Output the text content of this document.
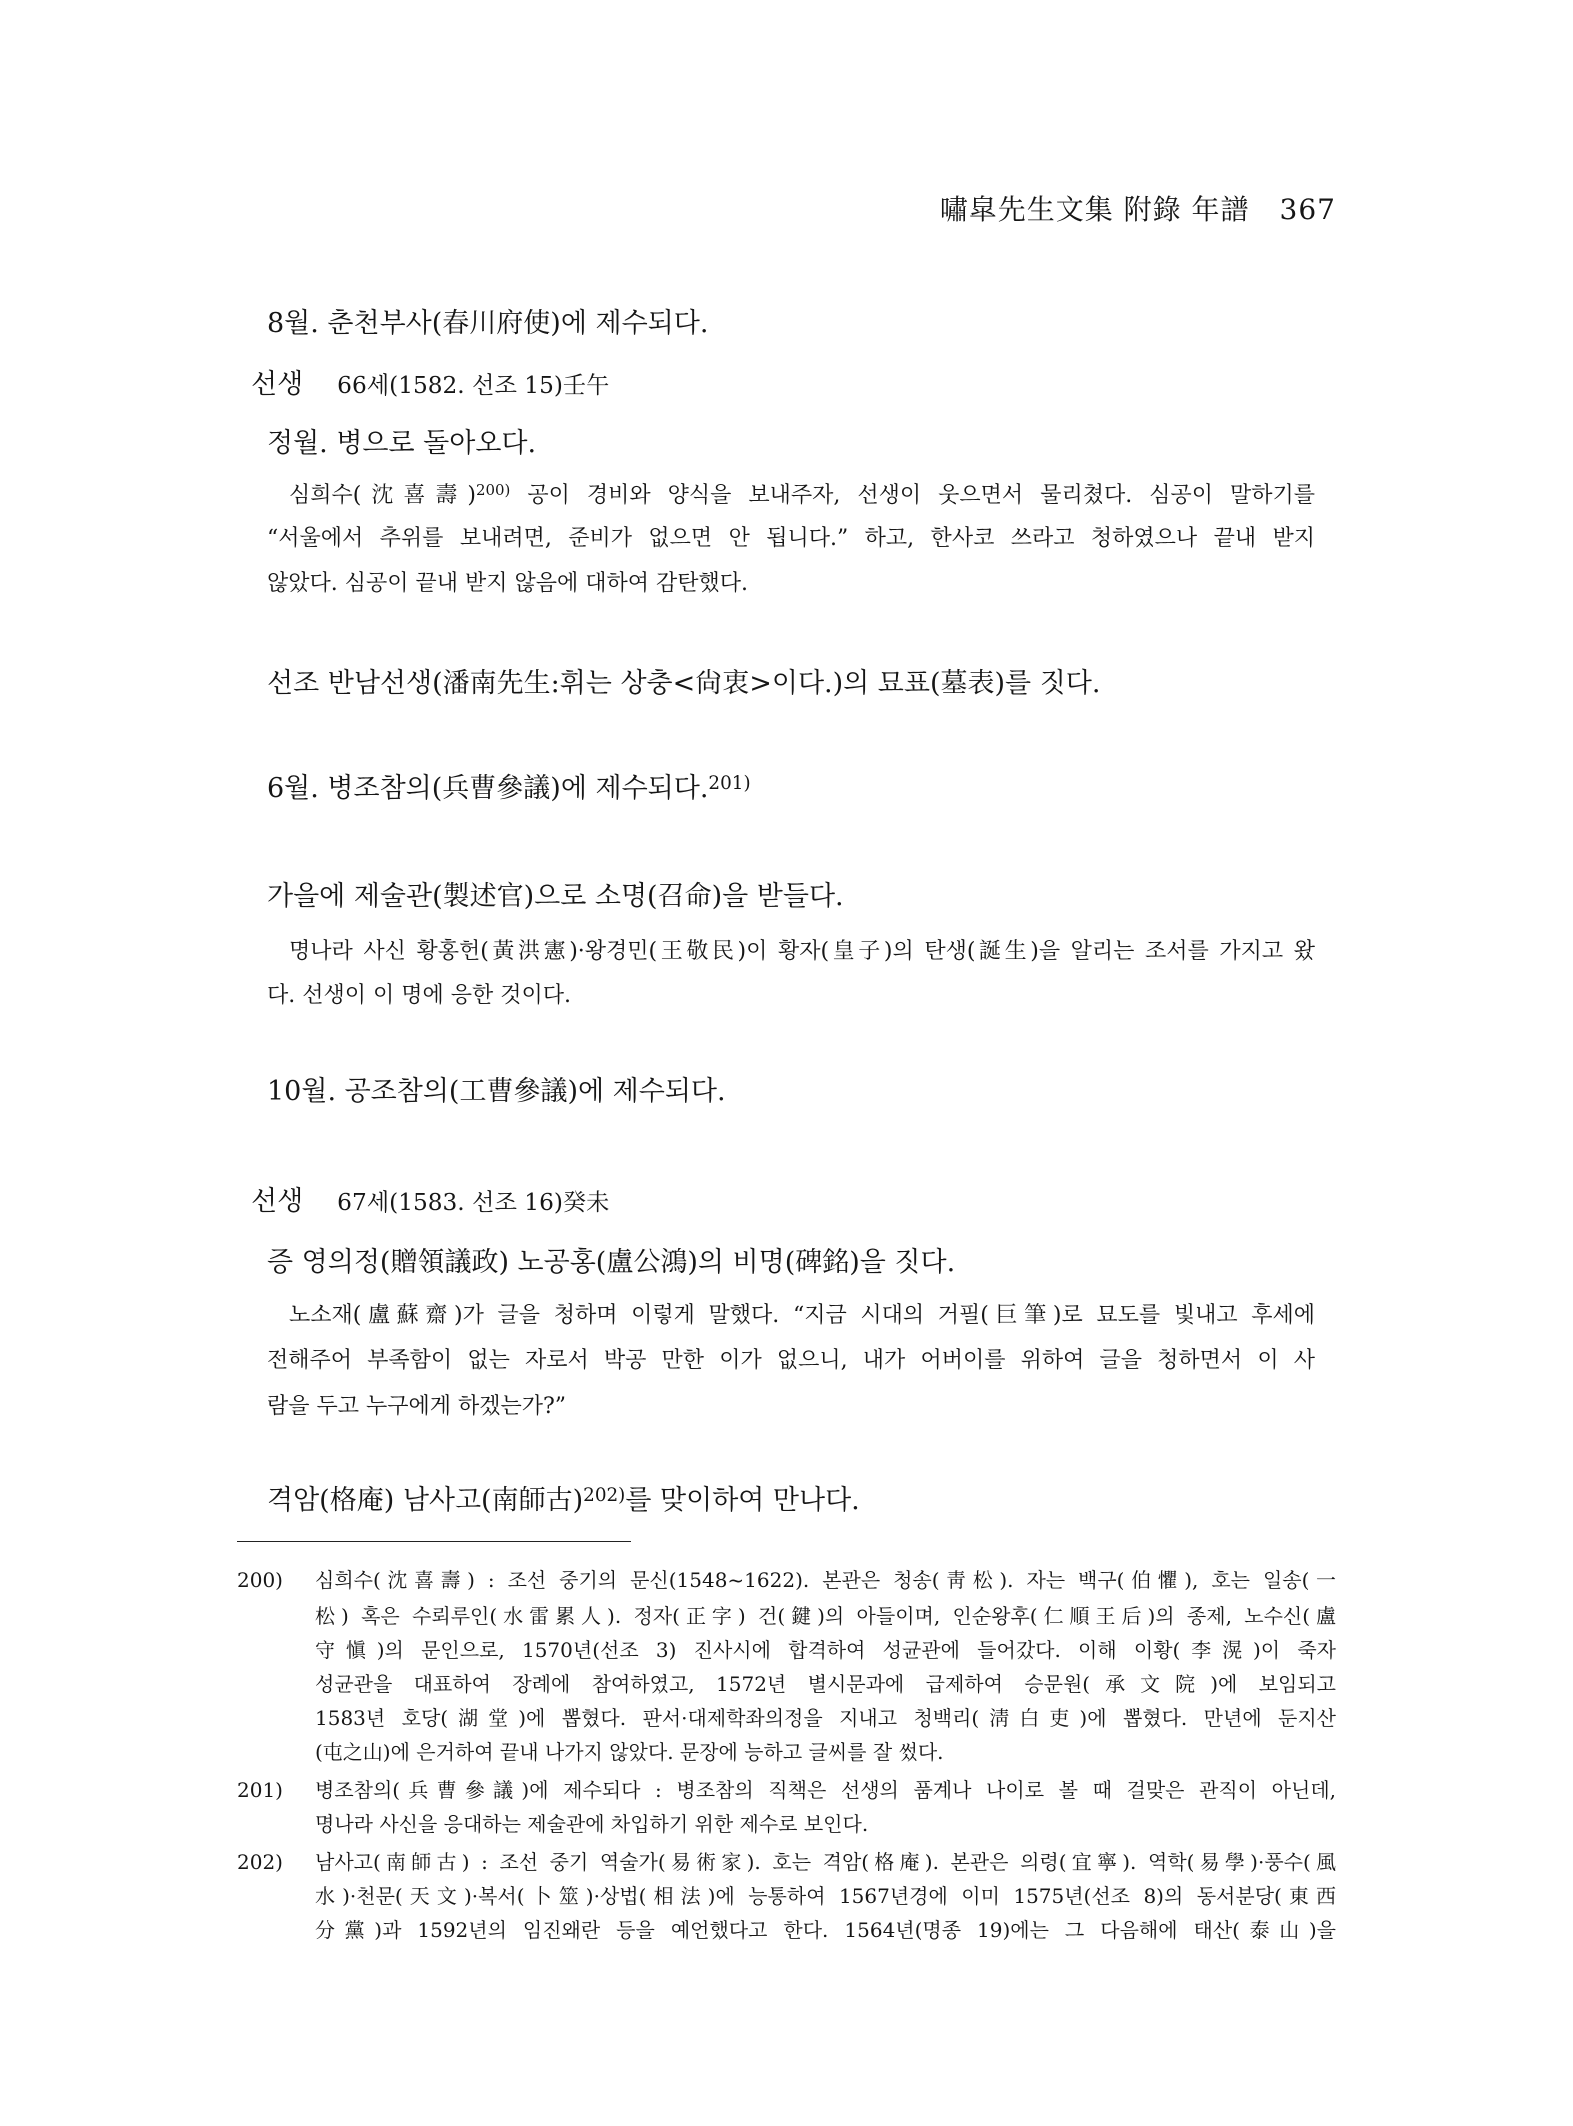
嘯皐先生文集 附錄 年譜 367
8월. 춘천부사(春川府使)에 제수되다.
선생 66세(1582. 선조 15)壬午
정월. 병으로 돌아오다.
심희수(沈喜壽)$^{200)}$ 공이 경비와 양식을 보내주자, 선생이 웃으면서 물리쳤다. 심공이 말하기를
“서울에서 추위를 보내려면, 준비가 없으면 안 됩니다.” 하고, 한사코 쓰라고 청하였으나 끝내 받지
않았다. 심공이 끝내 받지 않음에 대하여 감탄했다.
선조 반남선생(潘南先生:휘는 상충<尙衷>이다.)의 묘표(墓表)를 짓다.
6월. 병조참의(兵曹參議)에 제수되다.$^{201)}$
가을에 제술관(製述官)으로 소명(召命)을 받들다.
명나라 사신 황홍헌(黃洪憲)·왕경민(王敬民)이 황자(皇子)의 탄생(誕生)을 알리는 조서를 가지고 왔
다. 선생이 이 명에 응한 것이다.
10월. 공조참의(工曹參議)에 제수되다.
선생 67세(1583. 선조 16)癸未
증 영의정(贈領議政) 노공홍(盧公鴻)의 비명(碑銘)을 짓다.
노소재(盧蘇齋)가 글을 청하며 이렇게 말했다. “지금 시대의 거필(巨筆)로 묘도를 빛내고 후세에
전해주어 부족함이 없는 자로서 박공 만한 이가 없으니, 내가 어버이를 위하여 글을 청하면서 이 사
람을 두고 누구에게 하겠는가?”
격암(格庵) 남사고(南師古)$^{202)}$를 맞이하여 만나다.
200) 심희수(沈喜壽) : 조선 중기의 문신(1548~1622). 본관은 청송(靑松). 자는 백구(伯懼), 호는 일송(一
松) 혹은 수뢰루인(水雷累人). 정자(正字) 건(鍵)의 아들이며, 인순왕후(仁順王后)의 종제, 노수신(盧
守愼)의 문인으로, 1570년(선조 3) 진사시에 합격하여 성균관에 들어갔다. 이해 이황(李滉)이 죽자
성균관을 대표하여 장례에 참여하였고, 1572년 별시문과에 급제하여 승문원(承文院)에 보임되고
1583년 호당(湖堂)에 뽑혔다. 판서·대제학좌의정을 지내고 청백리(淸白吏)에 뽑혔다. 만년에 둔지산
(屯之山)에 은거하여 끝내 나가지 않았다. 문장에 능하고 글씨를 잘 썼다.
201) 병조참의(兵曹參議)에 제수되다 : 병조참의 직책은 선생의 품계나 나이로 볼 때 걸맞은 관직이 아닌데,
명나라 사신을 응대하는 제술관에 차입하기 위한 제수로 보인다.
202) 남사고(南師古) : 조선 중기 역술가(易術家). 호는 격암(格庵). 본관은 의령(宜寧). 역학(易學)·풍수(風
水)·천문(天文)·복서(卜筮)·상법(相法)에 능통하여 1567년경에 이미 1575년(선조 8)의 동서분당(東西
分黨)과 1592년의 임진왜란 등을 예언했다고 한다. 1564년(명종 19)에는 그 다음해에 태산(泰山)을
